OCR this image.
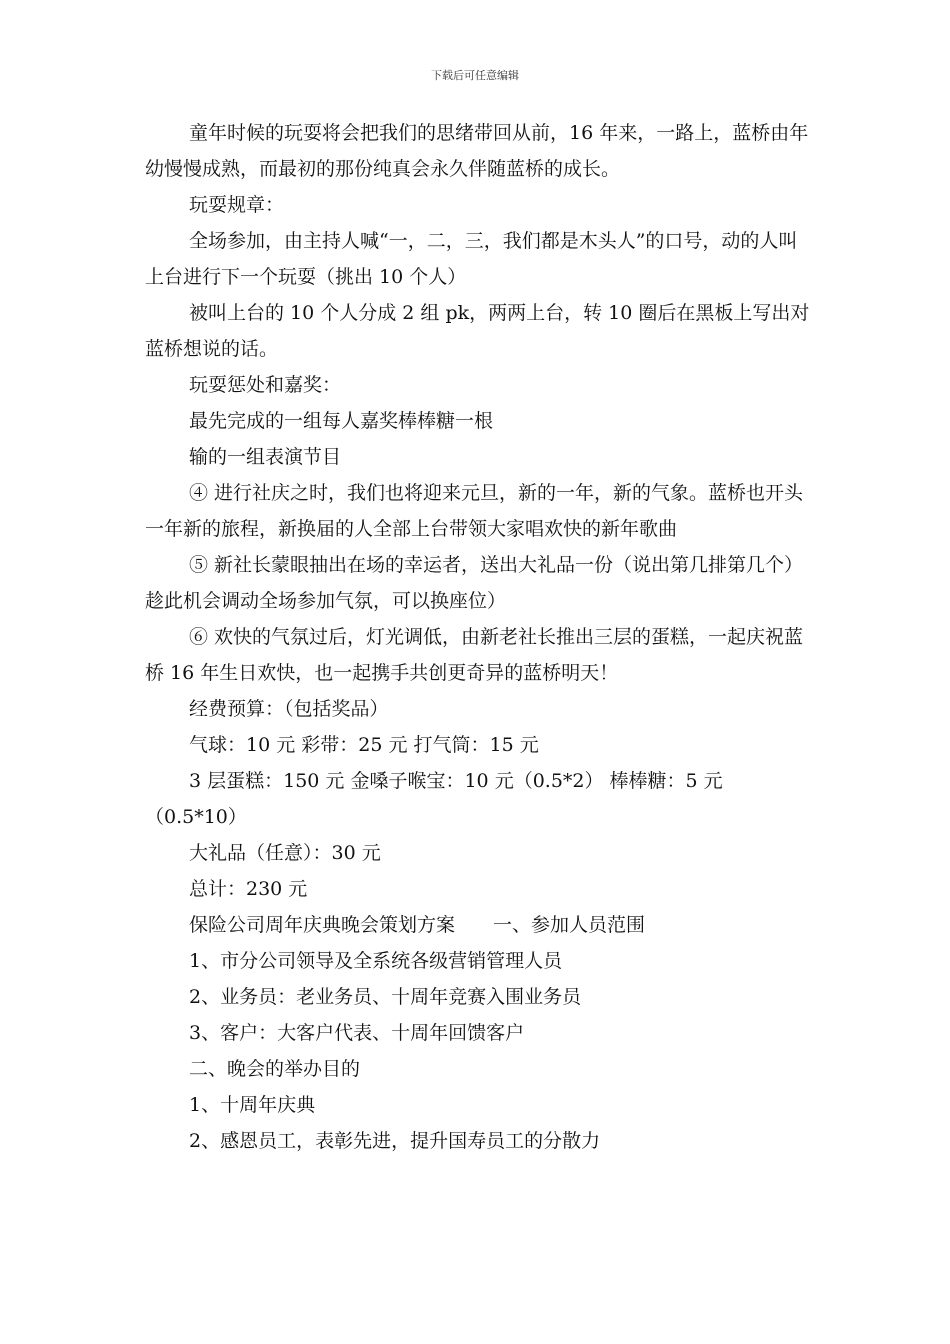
下载后可任意编辑

童年时候的玩耍将会把我们的思绪带回从前，16 年来，一路上，蓝桥由年幼慢慢成熟，而最初的那份纯真会永久伴随蓝桥的成长。

玩耍规章：

全场参加，由主持人喊“一，二，三，我们都是木头人”的口号，动的人叫上台进行下一个玩耍（挑出 10 个人）

被叫上台的 10 个人分成 2 组 pk，两两上台，转 10 圈后在黑板上写出对蓝桥想说的话。

玩耍惩处和嘉奖：

最先完成的一组每人嘉奖棒棒糖一根

输的一组表演节目

④ 进行社庆之时，我们也将迎来元旦，新的一年，新的气象。蓝桥也开头一年新的旅程，新换届的人全部上台带领大家唱欢快的新年歌曲

⑤ 新社长蒙眼抽出在场的幸运者，送出大礼品一份（说出第几排第几个）趁此机会调动全场参加气氛，可以换座位）

⑥ 欢快的气氛过后，灯光调低，由新老社长推出三层的蛋糕，一起庆祝蓝桥 16 年生日欢快，也一起携手共创更奇异的蓝桥明天！

经费预算：（包括奖品）

气球：10 元 彩带：25 元 打气筒：15 元

3 层蛋糕：150 元 金嗓子喉宝：10 元（0.5*2） 棒棒糖：5 元（0.5*10）

大礼品（任意）：30 元

总计：230 元

保险公司周年庆典晚会策划方案　　一、参加人员范围

1、市分公司领导及全系统各级营销管理人员

2、业务员：老业务员、十周年竞赛入围业务员

3、客户：大客户代表、十周年回馈客户

二、晚会的举办目的

1、十周年庆典

2、感恩员工，表彰先进，提升国寿员工的分散力
